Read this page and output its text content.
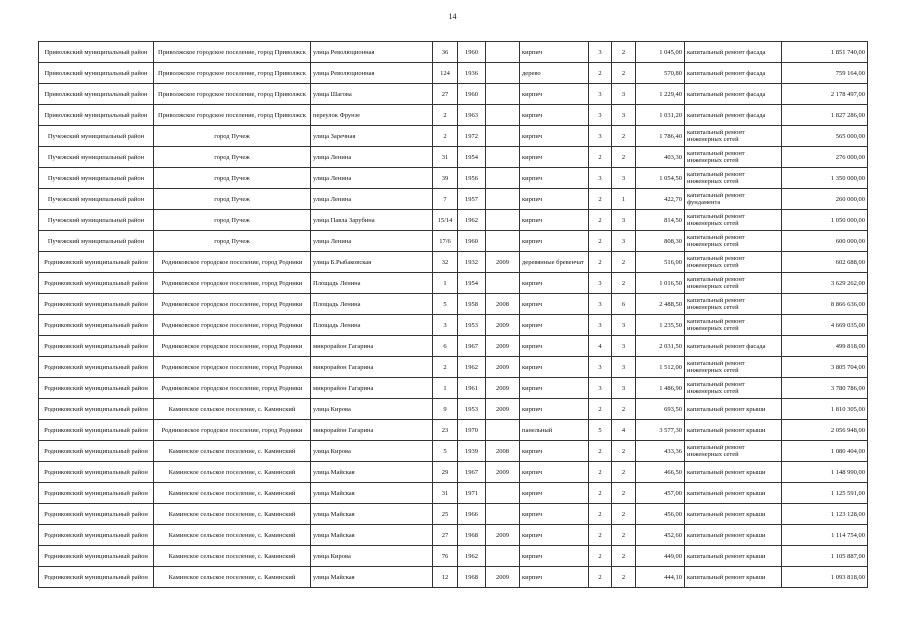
14
Приволжский муниципальный район	Приволжское городское поселение, город Приволжск	улица Революционная	36	1960		кирпич	3	2	1 045,00	капитальный ремонт фасада	1 851 740,00
Приволжский муниципальный район	Приволжское городское поселение, город Приволжск	улица Революционная	124	1936		дерево	2	2	570,80	капитальный ремонт фасада	759 164,00
Приволжский муниципальный район	Приволжское городское поселение, город Приволжск	улица Шагова	27	1960		кирпич	3	3	1 229,40	капитальный ремонт фасада	2 178 497,00
Приволжский муниципальный район	Приволжское городское поселение, город Приволжск	переулок Фрунзе	2	1963		кирпич	3	3	1 031,20	капитальный ремонт фасада	1 827 286,00
Пучежский муниципальный район	город Пучеж	улица Заречная	2	1972		кирпич	3	2	1 786,40	капитальный ремонт инженерных сетей	565 000,00
Пучежский муниципальный район	город Пучеж	улица Ленина	31	1954		кирпич	2	2	403,30	капитальный ремонт инженерных сетей	276 000,00
Пучежский муниципальный район	город Пучеж	улица Ленина	39	1956		кирпич	3	3	1 054,50	капитальный ремонт инженерных сетей	1 350 000,00
Пучежский муниципальный район	город Пучеж	улица Ленина	7	1957		кирпич	2	1	422,70	капитальный ремонт фундамента	260 000,00
Пучежский муниципальный район	город Пучеж	улица Павла Зарубина	15/14	1962		кирпич	2	3	814,50	капитальный ремонт инженерных сетей	1 050 000,00
Пучежский муниципальный район	город Пучеж	улица Ленина	17/6	1960		кирпич	2	3	808,30	капитальный ремонт инженерных сетей	600 000,00
Родниковский муниципальный район	Родниковское городское поселение, город Родники	улица Б.Рыбаковская	32	1932	2009	деревянные бревенчат	2	2	516,00	капитальный ремонт инженерных сетей	602 688,00
Родниковский муниципальный район	Родниковское городское поселение, город Родники	Площадь Ленина	1	1954		кирпич	3	2	1 016,50	капитальный ремонт инженерных сетей	3 629 262,00
Родниковский муниципальный район	Родниковское городское поселение, город Родники	Площадь Ленина	5	1958	2008	кирпич	3	6	2 488,50	капитальный ремонт инженерных сетей	8 866 636,00
Родниковский муниципальный район	Родниковское городское поселение, город Родники	Площадь Ленина	3	1953	2009	кирпич	3	3	1 235,50	капитальный ремонт инженерных сетей	4 669 035,00
Родниковский муниципальный район	Родниковское городское поселение, город Родники	микрорайон Гагарина	6	1967	2009	кирпич	4	3	2 031,50	капитальный ремонт фасада	499 818,00
Родниковский муниципальный район	Родниковское городское поселение, город Родники	микрорайон Гагарина	2	1962	2009	кирпич	3	3	1 512,00	капитальный ремонт инженерных сетей	3 805 704,00
Родниковский муниципальный район	Родниковское городское поселение, город Родники	микрорайон Гагарина	1	1961	2009	кирпич	3	3	1 486,90	капитальный ремонт инженерных сетей	3 780 786,00
Родниковский муниципальный район	Каминское сельское поселение, с. Каминский	улица Кирова	9	1953	2009	кирпич	2	2	693,50	капитальный ремонт крыши	1 810 305,00
Родниковский муниципальный район	Родниковское городское поселение, город Родники	микрорайон Гагарина	23	1970		панельный	5	4	3 577,30	капитальный ремонт крыши	2 056 948,00
Родниковский муниципальный район	Каминское сельское поселение, с. Каминский	улица Кирова	5	1939	2008	кирпич	2	2	433,36	капитальный ремонт инженерных сетей	1 080 404,00
Родниковский муниципальный район	Каминское сельское поселение, с. Каминский	улица Майская	29	1967	2009	кирпич	2	2	466,50	капитальный ремонт крыши	1 148 990,00
Родниковский муниципальный район	Каминское сельское поселение, с. Каминский	улица Майская	31	1971		кирпич	2	2	457,00	капитальный ремонт крыши	1 125 591,00
Родниковский муниципальный район	Каминское сельское поселение, с. Каминский	улица Майская	25	1966		кирпич	2	2	456,00	капитальный ремонт крыши	1 123 128,00
Родниковский муниципальный район	Каминское сельское поселение, с. Каминский	улица Майская	27	1968	2009	кирпич	2	2	452,60	капитальный ремонт крыши	1 114 754,00
Родниковский муниципальный район	Каминское сельское поселение, с. Каминский	улица Кирова	76	1962		кирпич	2	2	449,00	капитальный ремонт крыши	1 105 887,00
Родниковский муниципальный район	Каминское сельское поселение, с. Каминский	улица Майская	12	1968	2009	кирпич	2	2	444,10	капитальный ремонт крыши	1 093 818,00
